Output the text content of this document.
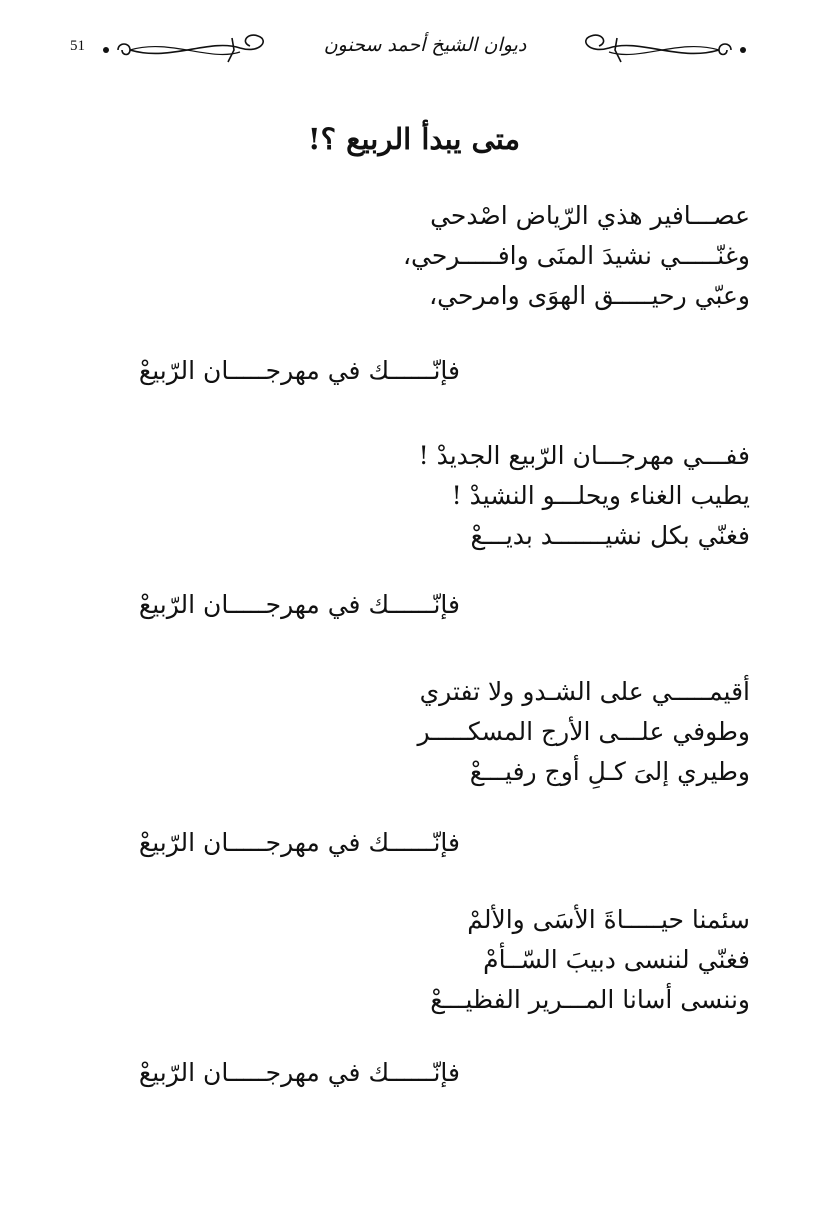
51	ديوان الشيخ أحمد سحنون
متى يبدأ الربيع ؟!
عصـــافير هذي الرّياض اصْدحي
وغنّـــــي نشيدَ المنَى وافـــــرحي،
وعبّي رحيـــــق الهوَى وامرحي،
فإنّــــــك في مهرجـــــان الرّبيعْ
ففـــي مهرجـــان الرّبيع الجديدْ !
يطيب الغناء ويحلـــو النشيدْ !
فغنّي بكل نشيـــــــد بديـــعْ
فإنّــــــك في مهرجـــــان الرّبيعْ
أقيمـــــي على الشـدو ولا تفتري
وطوفي علـــى الأرج المسكـــــر
وطيري إلىَ كـلِ أوج رفيـــعْ
فإنّــــــك في مهرجـــــان الرّبيعْ
سئمنا حيـــــاةَ الأسَى والألمْ
فغنّي لننسى دبيبَ السّــأمْ
وننسى أسانا المـــرير الفظيـــعْ
فإنّــــــك في مهرجـــــان الرّبيعْ
